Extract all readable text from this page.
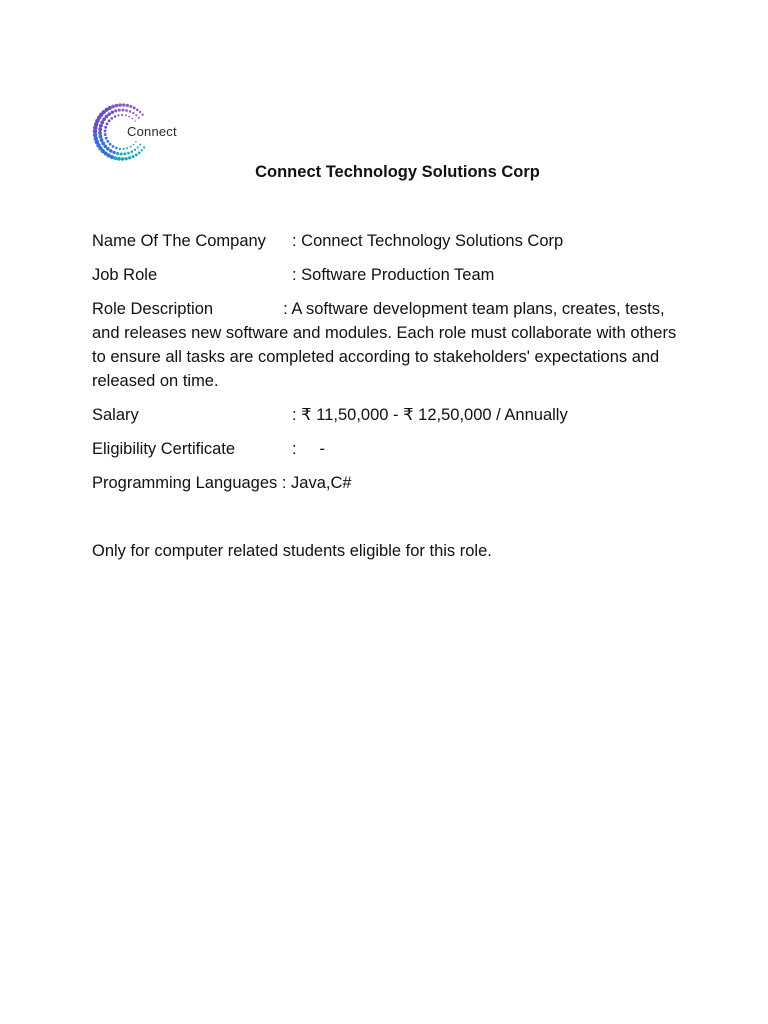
Connect
Connect Technology Solutions Corp
Name Of The Company : Connect Technology Solutions Corp
Job Role	: Software Production Team
Role Description	: A software development team plans, creates, tests, and releases new software and modules. Each role must collaborate with others to ensure all tasks are completed according to stakeholders' expectations and released on time.
Salary	: ₹ 11,50,000 - ₹ 12,50,000 / Annually
Eligibility Certificate	:     -
Programming Languages : Java,C#
Only for computer related students eligible for this role.
